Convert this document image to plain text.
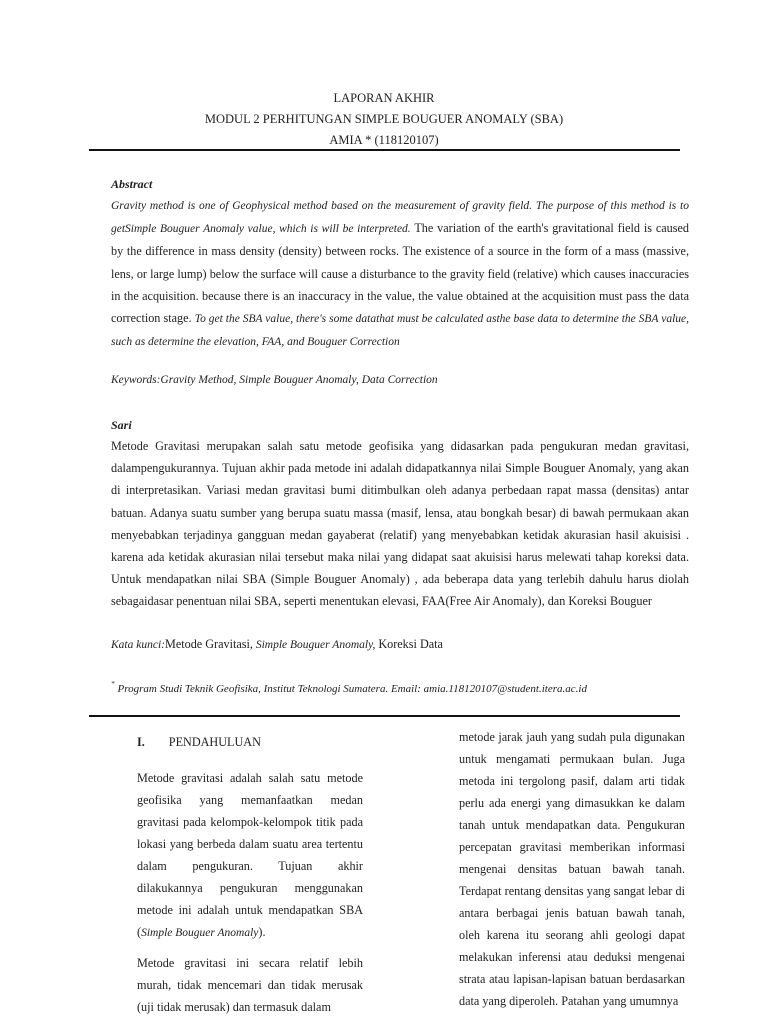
LAPORAN AKHIR
MODUL 2 PERHITUNGAN SIMPLE BOUGUER ANOMALY (SBA)
AMIA * (118120107)
Abstract

Gravity method is one of Geophysical method based on the measurement of gravity field. The purpose of this method is to getSimple Bouguer Anomaly value, which is will be interpreted. The variation of the earth's gravitational field is caused by the difference in mass density (density) between rocks. The existence of a source in the form of a mass (massive, lens, or large lump) below the surface will cause a disturbance to the gravity field (relative) which causes inaccuracies in the acquisition. because there is an inaccuracy in the value, the value obtained at the acquisition must pass the data correction stage. To get the SBA value, there's some datathat must be calculated asthe base data to determine the SBA value, such as determine the elevation, FAA, and Bouguer Correction

Keywords:Gravity Method, Simple Bouguer Anomaly, Data Correction
Sari

Metode Gravitasi merupakan salah satu metode geofisika yang didasarkan pada pengukuran medan gravitasi, dalampengukurannya. Tujuan akhir pada metode ini adalah didapatkannya nilai Simple Bouguer Anomaly, yang akan di interpretasikan. Variasi medan gravitasi bumi ditimbulkan oleh adanya perbedaan rapat massa (densitas) antar batuan. Adanya suatu sumber yang berupa suatu massa (masif, lensa, atau bongkah besar) di bawah permukaan akan menyebabkan terjadinya gangguan medan gayaberat (relatif) yang menyebabkan ketidak akurasian hasil akuisisi . karena ada ketidak akurasian nilai tersebut maka nilai yang didapat saat akuisisi harus melewati tahap koreksi data. Untuk mendapatkan nilai SBA (Simple Bouguer Anomaly) , ada beberapa data yang terlebih dahulu harus diolah sebagaidasar penentuan nilai SBA, seperti menentukan elevasi, FAA(Free Air Anomaly), dan Koreksi Bouguer

Kata kunci:Metode Gravitasi, Simple Bouguer Anomaly, Koreksi Data
* Program Studi Teknik Geofisika, Institut Teknologi Sumatera. Email: amia.118120107@student.itera.ac.id
I. PENDAHULUAN

Metode gravitasi adalah salah satu metode geofisika yang memanfaatkan medan gravitasi pada kelompok-kelompok titik pada lokasi yang berbeda dalam suatu area tertentu dalam pengukuran. Tujuan akhir dilakukannya pengukuran menggunakan metode ini adalah untuk mendapatkan SBA (Simple Bouguer Anomaly).

Metode gravitasi ini secara relatif lebih murah, tidak mencemari dan tidak merusak (uji tidak merusak) dan termasuk dalam

metode jarak jauh yang sudah pula digunakan untuk mengamati permukaan bulan. Juga metoda ini tergolong pasif, dalam arti tidak perlu ada energi yang dimasukkan ke dalam tanah untuk mendapatkan data. Pengukuran percepatan gravitasi memberikan informasi mengenai densitas batuan bawah tanah. Terdapat rentang densitas yang sangat lebar di antara berbagai jenis batuan bawah tanah, oleh karena itu seorang ahli geologi dapat melakukan inferensi atau deduksi mengenai strata atau lapisan-lapisan batuan berdasarkan data yang diperoleh. Patahan yang umumnya
